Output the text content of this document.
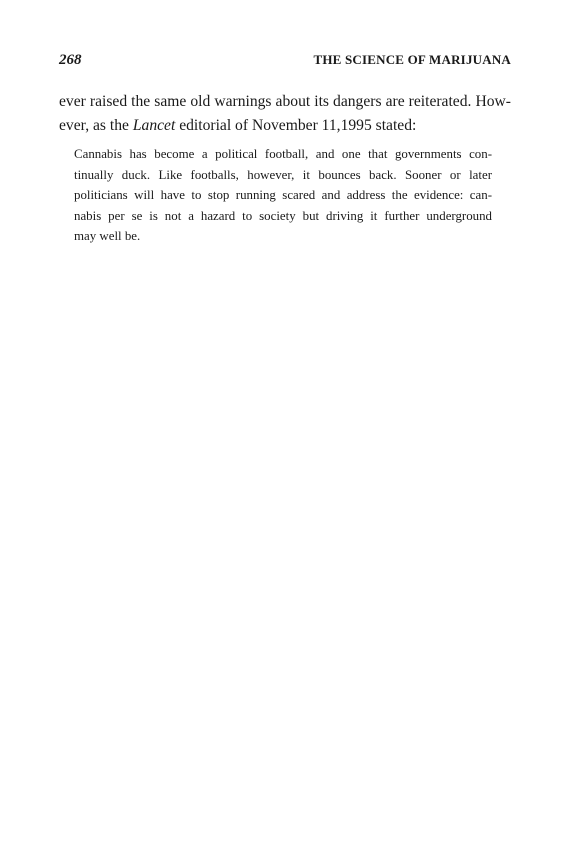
268	THE SCIENCE OF MARIJUANA
ever raised the same old warnings about its dangers are reiterated. How-
ever, as the Lancet editorial of November 11,1995 stated:
Cannabis has become a political football, and one that governments con-
tinually duck. Like footballs, however, it bounces back. Sooner or later
politicians will have to stop running scared and address the evidence: can-
nabis per se is not a hazard to society but driving it further underground
may well be.
